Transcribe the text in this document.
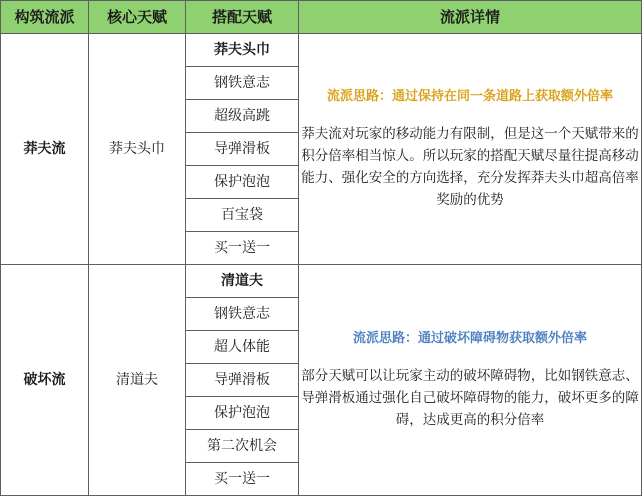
构筑流派	核心天赋	搭配天赋	流派详情
莽夫流	莽夫头巾	莽夫头巾	流派思路：通过保持在同一条道路上获取额外倍率

莽夫流对玩家的移动能力有限制，但是这一个天赋带来的积分倍率相当惊人。所以玩家的搭配天赋尽量往提高移动能力、强化安全的方向选择，充分发挥莽夫头巾超高倍率奖励的优势

		钢铁意志	
		超级高跳	
		导弹滑板	
		保护泡泡	
		百宝袋	
		买一送一	
破坏流	清道夫	清道夫	流派思路：通过破坏障碍物获取额外倍率

部分天赋可以让玩家主动的破坏障碍物，比如钢铁意志、导弹滑板通过强化自己破坏障碍物的能力，破坏更多的障碍，达成更高的积分倍率

		钢铁意志	
		超人体能	
		导弹滑板	
		保护泡泡	
		第二次机会	
		买一送一	
